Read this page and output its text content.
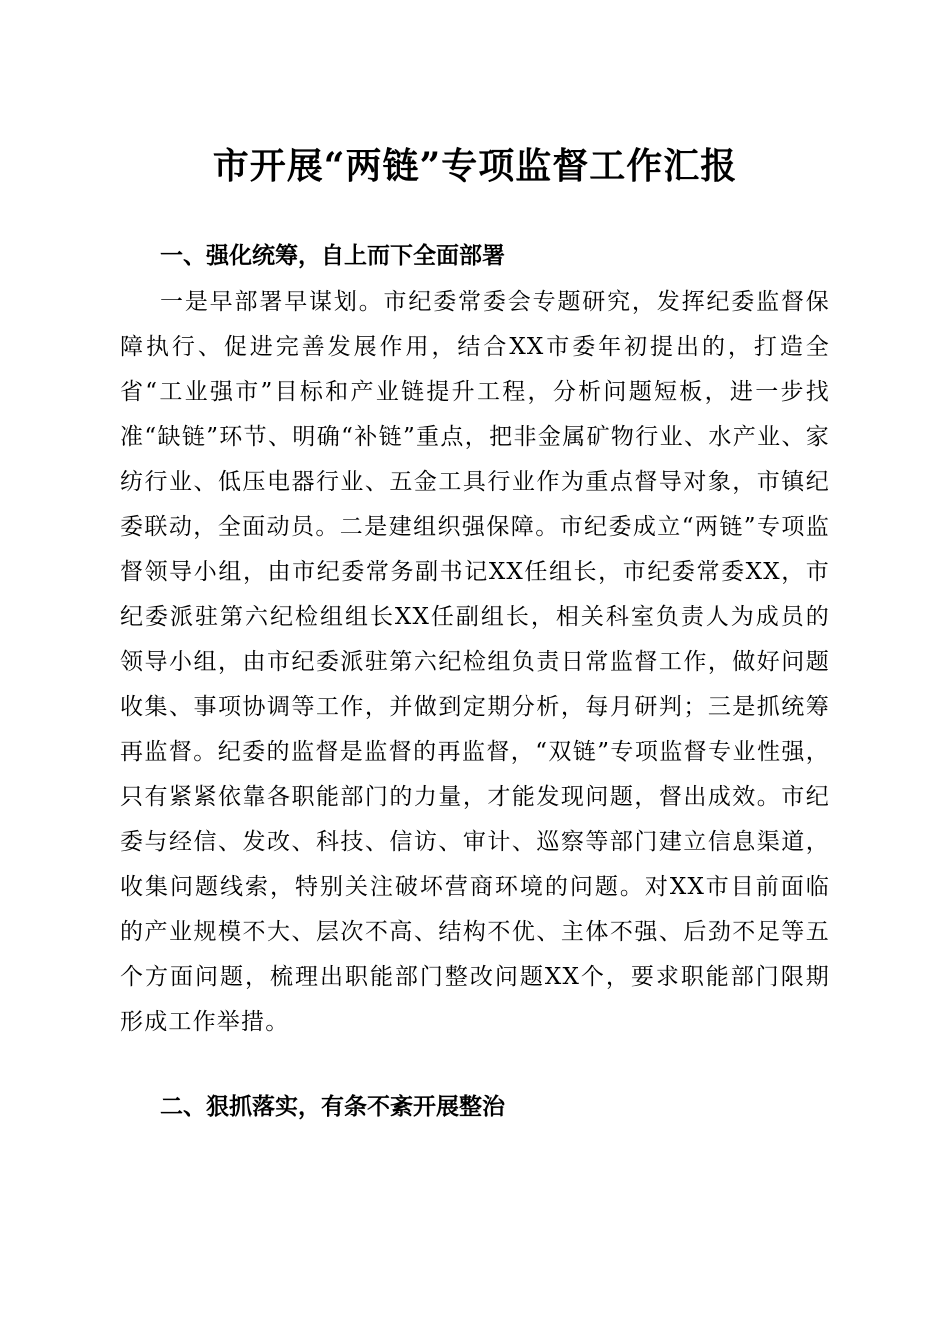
市开展“两链”专项监督工作汇报
一、强化统筹，自上而下全面部署

一是早部署早谋划。市纪委常委会专题研究，发挥纪委监督保障执行、促进完善发展作用，结合XX市委年初提出的，打造全省“工业强市”目标和产业链提升工程，分析问题短板，进一步找准“缺链”环节、明确“补链”重点，把非金属矿物行业、水产业、家纺行业、低压电器行业、五金工具行业作为重点督导对象，市镇纪委联动，全面动员。二是建组织强保障。市纪委成立“两链”专项监督领导小组，由市纪委常务副书记XX任组长，市纪委常委XX，市纪委派驻第六纪检组组长XX任副组长，相关科室负责人为成员的领导小组，由市纪委派驻第六纪检组负责日常监督工作，做好问题收集、事项协调等工作，并做到定期分析，每月研判；三是抓统筹再监督。纪委的监督是监督的再监督，“双链”专项监督专业性强，只有紧紧依靠各职能部门的力量，才能发现问题，督出成效。市纪委与经信、发改、科技、信访、审计、巡察等部门建立信息渠道，收集问题线索，特别关注破坏营商环境的问题。对XX市目前面临的产业规模不大、层次不高、结构不优、主体不强、后劲不足等五个方面问题，梳理出职能部门整改问题XX个，要求职能部门限期形成工作举措。

二、狠抓落实，有条不紊开展整治
